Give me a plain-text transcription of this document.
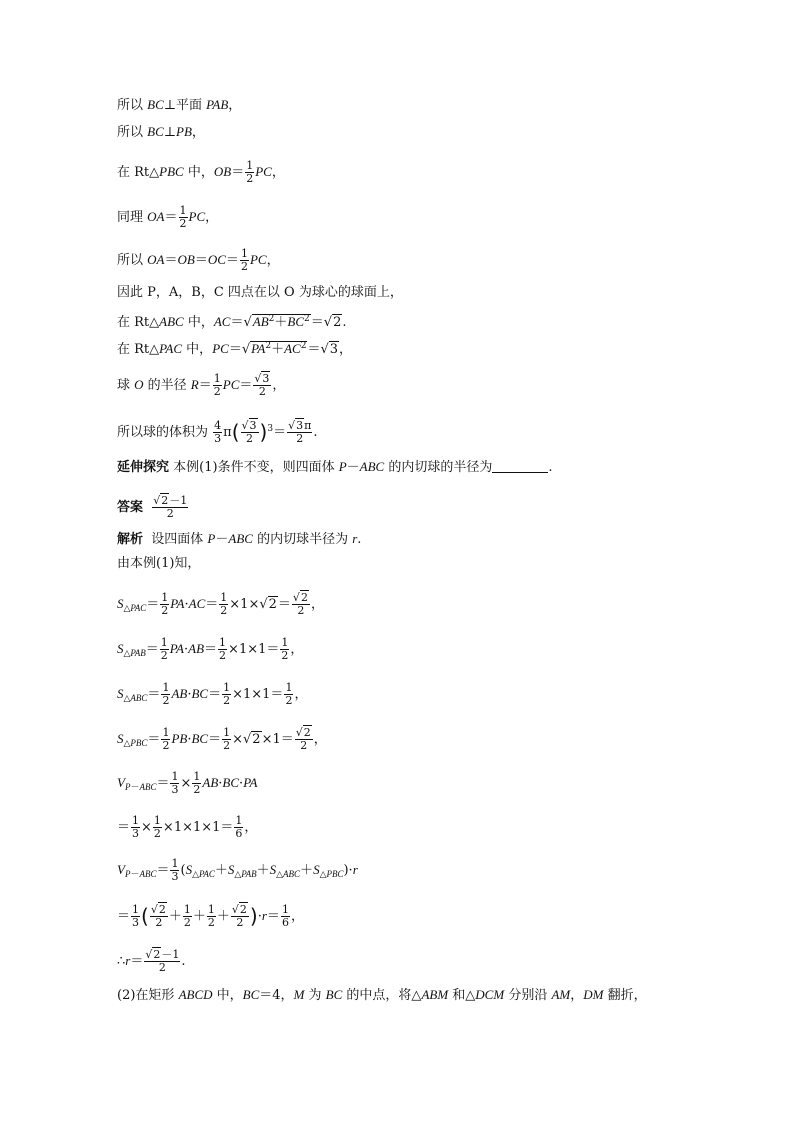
所以 BC⊥平面 PAB，
所以 BC⊥PB，
在 Rt△PBC 中，$OB= \frac{1}{2}$ PC，
同理 $OA= \frac{1}{2}$ PC，
所以 $OA=OB=OC= \frac{1}{2}$ PC，
因此 P，A，B，C 四点在以 O 为球心的球面上，
在 Rt△ABC 中，$AC=√AB^2+BC^2=√2$.
在 Rt△PAC 中，$PC=√PA^2+AC^2=√3$，
球 O 的半径 $R= \frac{1}{2} PC= \frac{√3}{2}$ ，
所以球的体积为 $\frac{4}{3} \pi( \frac{√3}{2} )^3= \frac{√3\pi}{2}$ .
延伸探究 本例(1)条件不变，则四面体 P－ABC 的内切球的半径为	.
答案 $\frac{√2-1}{2}$
解析  设四面体 P－ABC 的内切球半径为 r.
由本例(1)知，
$S_{\triangle PAC}= \frac{1}{2} PA\cdot AC= \frac{1}{2} \times 1\times√2= \frac{√2}{2}$ ，
$S_{\triangle PAB}= \frac{1}{2} PA\cdot AB= \frac{1}{2} \times 1\times 1= \frac{1}{2}$ ，
$S_{\triangle ABC}= \frac{1}{2} AB\cdot BC= \frac{1}{2} \times 1\times 1= \frac{1}{2}$ ，
$S_{\triangle PBC}= \frac{1}{2} PB\cdot BC= \frac{1}{2} \times√2\times 1= \frac{√2}{2}$ ，
$V_{P-ABC}= \frac{1}{3} \times \frac{1}{2} AB\cdot BC\cdot PA$
＝ $\frac{1}{3} \times \frac{1}{2} \times 1\times 1\times 1= \frac{1}{6}$ ，
$V_{P-ABC}= \frac{1}{3} (S_{\triangle PAC}+S_{\triangle PAB}+S_{\triangle ABC}+S_{\triangle PBC})\cdot r$
＝ $\frac{1}{3}$ ( $\frac{√2}{2} + \frac{1}{2} + \frac{1}{2} + \frac{√2}{2} )\cdot r= \frac{1}{6}$ ，
∴r＝ $\frac{√2-1}{2}$ .
(2)在矩形 ABCD 中，BC＝4，M 为 BC 的中点，将△ABM 和△DCM 分别沿 AM，DM 翻折，
